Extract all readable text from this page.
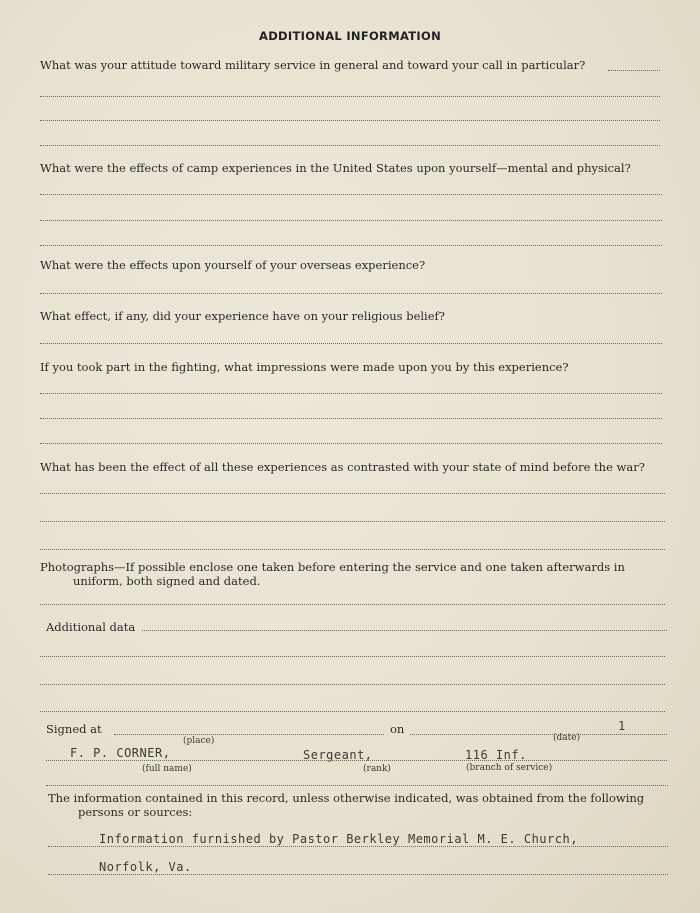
ADDITIONAL INFORMATION
What was your attitude toward military service in general and toward your call in particular?
What were the effects of camp experiences in the United States upon yourself—mental and physical?
What were the effects upon yourself of your overseas experience?
What effect, if any, did your experience have on your religious belief?
If you took part in the fighting, what impressions were made upon you by this experience?
What has been the effect of all these experiences as contrasted with your state of mind before the war?
Photographs—If possible enclose one taken before entering the service and one taken afterwards in
uniform, both signed and dated.
Additional data
Signed at	on	1
(place)	(date)
F. P. CORNER,	Sergeant,	116 Inf.
(full name)	(rank)	(branch of service)
The information contained in this record, unless otherwise indicated, was obtained from the following
persons or sources:
Information furnished by Pastor Berkley Memorial M. E. Church,
Norfolk, Va.
